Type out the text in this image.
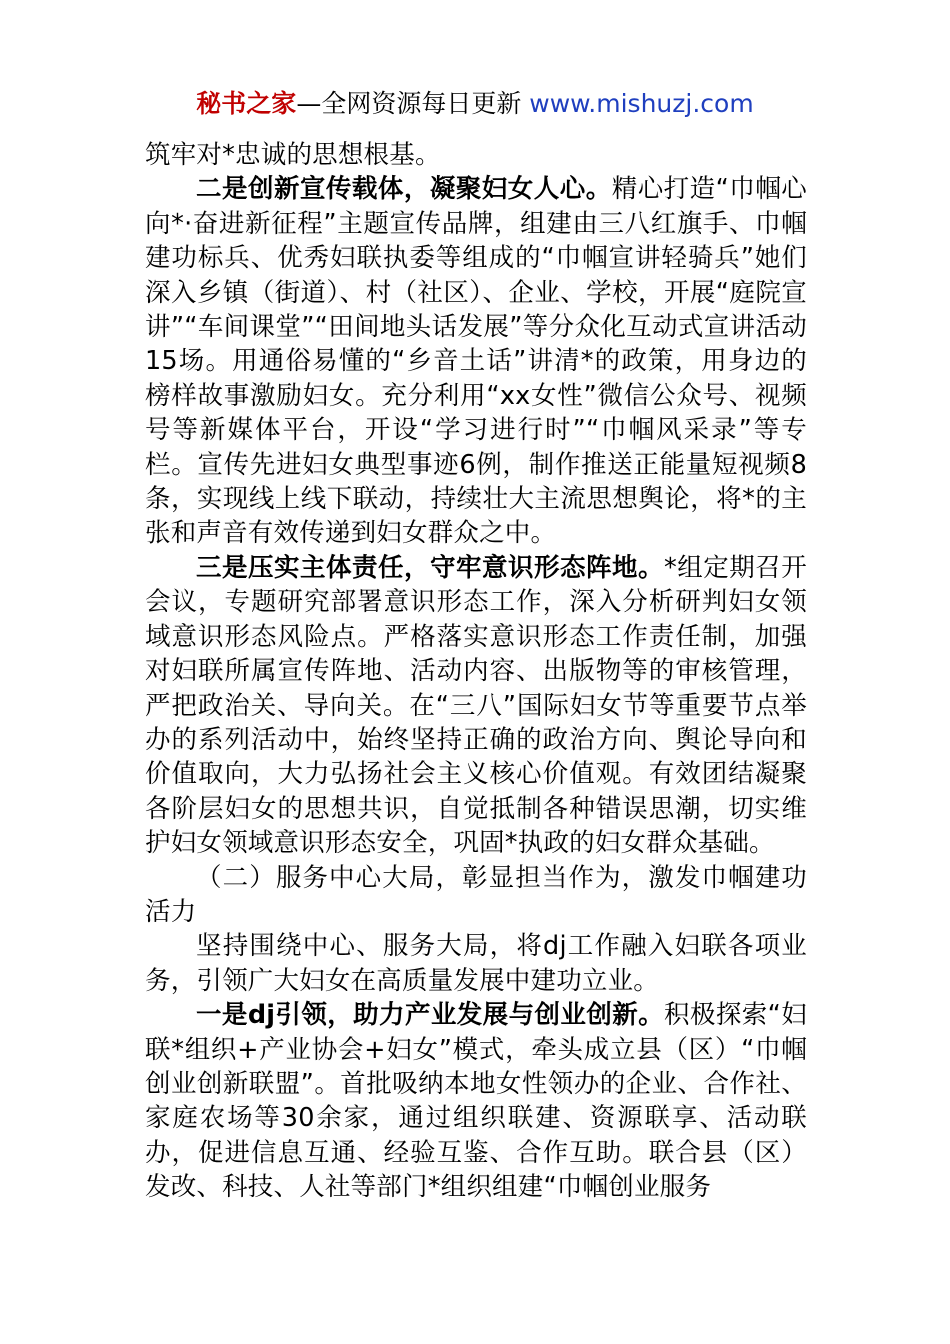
秘书之家—全网资源每日更新 www.mishuzj.com

筑牢对*忠诚的思想根基。

二是创新宣传载体，凝聚妇女人心。精心打造“巾帼心向*·奋进新征程”主题宣传品牌，组建由三八红旗手、巾帼建功标兵、优秀妇联执委等组成的“巾帼宣讲轻骑兵”她们深入乡镇（街道）、村（社区）、企业、学校，开展“庭院宣讲”“车间课堂”“田间地头话发展”等分众化互动式宣讲活动15场。用通俗易懂的“乡音土话”讲清*的政策，用身边的榜样故事激励妇女。充分利用“xx女性”微信公众号、视频号等新媒体平台，开设“学习进行时”“巾帼风采录”等专栏。宣传先进妇女典型事迹6例，制作推送正能量短视频8条，实现线上线下联动，持续壮大主流思想舆论，将*的主张和声音有效传递到妇女群众之中。

三是压实主体责任，守牢意识形态阵地。*组定期召开会议，专题研究部署意识形态工作，深入分析研判妇女领域意识形态风险点。严格落实意识形态工作责任制，加强对妇联所属宣传阵地、活动内容、出版物等的审核管理，严把政治关、导向关。在“三八”国际妇女节等重要节点举办的系列活动中，始终坚持正确的政治方向、舆论导向和价值取向，大力弘扬社会主义核心价值观。有效团结凝聚各阶层妇女的思想共识，自觉抵制各种错误思潮，切实维护妇女领域意识形态安全，巩固*执政的妇女群众基础。

（二）服务中心大局，彰显担当作为，激发巾帼建功活力

坚持围绕中心、服务大局，将dj工作融入妇联各项业务，引领广大妇女在高质量发展中建功立业。

一是dj引领，助力产业发展与创业创新。积极探索“妇联*组织+产业协会+妇女”模式，牵头成立县（区）“巾帼创业创新联盟”。首批吸纳本地女性领办的企业、合作社、家庭农场等30余家，通过组织联建、资源联享、活动联办，促进信息互通、经验互鉴、合作互助。联合县（区）发改、科技、人社等部门*组织组建“巾帼创业服务
